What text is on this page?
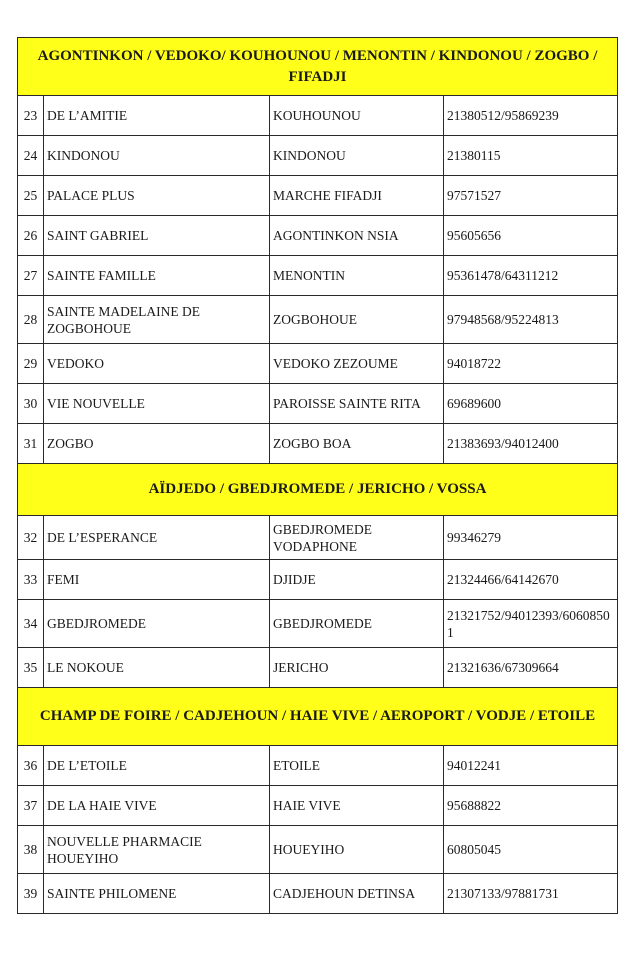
AGONTINKON / VEDOKO/ KOUHOUNOU / MENONTIN / KINDONOU / ZOGBO / FIFADJI			
23	DE L’AMITIE	KOUHOUNOU	21380512/95869239
24	KINDONOU	KINDONOU	21380115
25	PALACE PLUS	MARCHE FIFADJI	97571527
26	SAINT GABRIEL	AGONTINKON NSIA	95605656
27	SAINTE FAMILLE	MENONTIN	95361478/64311212
28	SAINTE MADELAINE DE ZOGBOHOUE	ZOGBOHOUE	97948568/95224813
29	VEDOKO	VEDOKO ZEZOUME	94018722
30	VIE NOUVELLE	PAROISSE SAINTE RITA	69689600
31	ZOGBO	ZOGBO BOA	21383693/94012400
AÏDJEDO / GBEDJROMEDE / JERICHO / VOSSA			
32	DE L’ESPERANCE	GBEDJROMEDE VODAPHONE	99346279
33	FEMI	DJIDJE	21324466/64142670
34	GBEDJROMEDE	GBEDJROMEDE	21321752/94012393/60608501
35	LE NOKOUE	JERICHO	21321636/67309664
CHAMP DE FOIRE / CADJEHOUN / HAIE VIVE / AEROPORT / VODJE / ETOILE			
36	DE L’ETOILE	ETOILE	94012241
37	DE LA HAIE VIVE	HAIE VIVE	95688822
38	NOUVELLE PHARMACIE HOUEYIHO	HOUEYIHO	60805045
39	SAINTE PHILOMENE	CADJEHOUN DETINSA	21307133/97881731
